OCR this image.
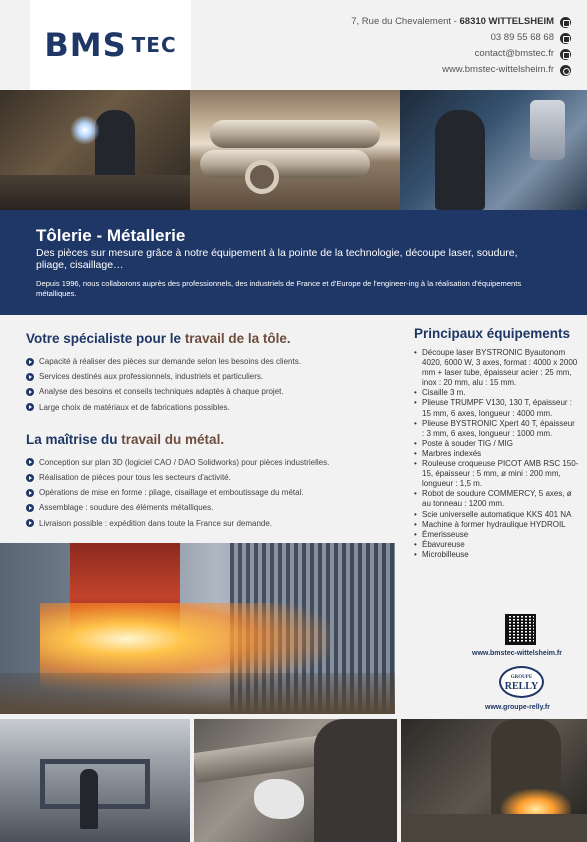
BMS TEC
7, Rue du Chevalement - 68310 WITTELSHEIM
03 89 55 68 68
contact@bmstec.fr
www.bmstec-wittelsheim.fr
Tôlerie - Métallerie

Des pièces sur mesure grâce à notre équipement à la pointe de la technologie, découpe laser, soudure, pliage, cisaillage…

Depuis 1996, nous collaborons auprès des professionnels, des industriels de France et d'Europe de l'engineer-ing à la réalisation d'équipements métalliques.

Votre spécialiste pour le travail de la tôle.
Capacité à réaliser des pièces sur demande selon les besoins des clients.
Services destinés aux professionnels, industriels et particuliers.
Analyse des besoins et conseils techniques adaptés à chaque projet.
Large choix de matériaux et de fabrications possibles.
La maîtrise du travail du métal.
Conception sur plan 3D (logiciel CAO / DAO Solidworks) pour pièces industrielles.
Réalisation de pièces pour tous les secteurs d'activité.
Opérations de mise en forme : pliage, cisaillage et emboutissage du métal.
Assemblage : soudure des éléments métalliques.
Livraison possible : expédition dans toute la France sur demande.
Principaux équipements
• Découpe laser BYSTRONIC Byautonom 4020, 6000 W, 3 axes, format : 4000 x 2000 mm + laser tube, épaisseur acier : 25 mm, inox : 20 mm, alu : 15 mm.
• Cisaille 3 m.
• Plieuse TRUMPF V130, 130 T, épaisseur : 15 mm, 6 axes, longueur : 4000 mm.
• Plieuse BYSTRONIC Xpert 40 T, épaisseur : 3 mm, 6 axes, longueur : 1000 mm.
• Poste à souder TIG / MIG
• Marbres indexés
• Rouleuse croqueuse PICOT AMB RSC 150-15, épaisseur : 5 mm, ø mini : 200 mm, longueur : 1,5 m.
• Robot de soudure COMMERCY, 5 axes, ø au tonneau : 1200 mm.
• Scie universelle automatique KKS 401 NA
• Machine à former hydraulique HYDROIL
• Émerisseuse
• Ébavureuse
• Microbilleuse
www.bmstec-wittelsheim.fr
GROUPE
RELLY
www.groupe-relly.fr
